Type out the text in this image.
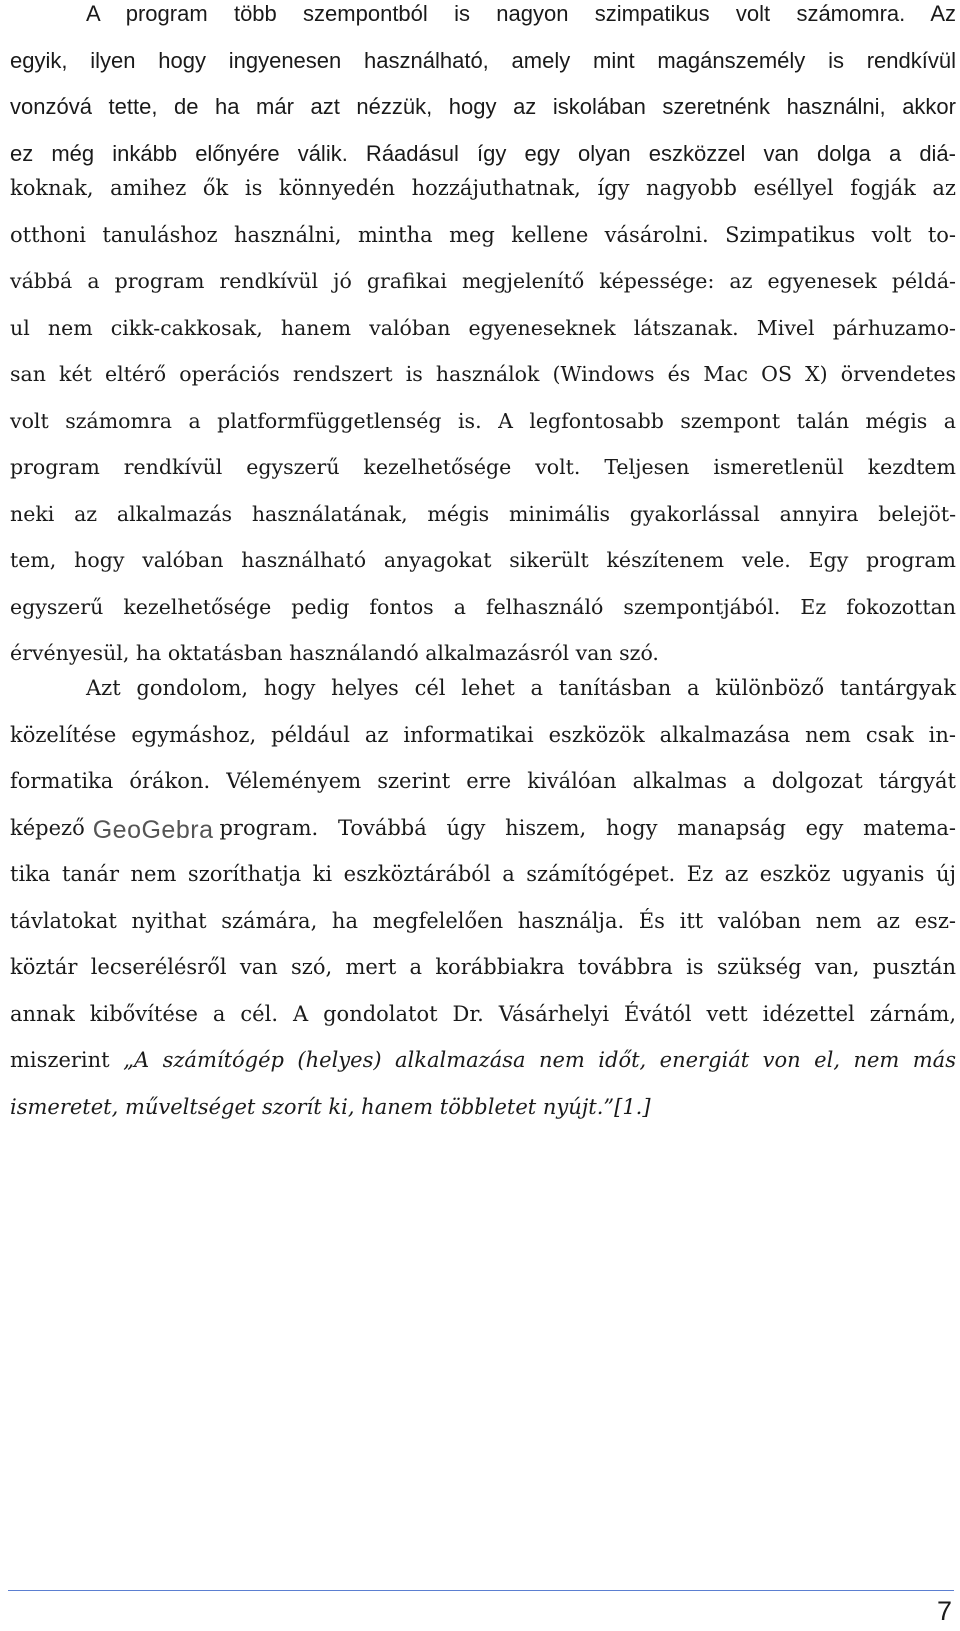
A program több szempontból is nagyon szimpatikus volt számomra. Az
egyik, ilyen hogy ingyenesen használható, amely mint magánszemély is rendkívül
vonzóvá tette, de ha már azt nézzük, hogy az iskolában szeretnénk használni, akkor
ez még inkább előnyére válik. Ráadásul így egy olyan eszközzel van dolga a diá-
koknak, amihez ők is könnyedén hozzájuthatnak, így nagyobb eséllyel fogják az
otthoni tanuláshoz használni, mintha meg kellene vásárolni. Szimpatikus volt to-
vábbá a program rendkívül jó grafikai megjelenítő képessége: az egyenesek példá-
ul nem cikk-cakkosak, hanem valóban egyeneseknek látszanak. Mivel párhuzamo-
san két eltérő operációs rendszert is használok (Windows és Mac OS X) örvendetes
volt számomra a platformfüggetlenség is. A legfontosabb szempont talán mégis a
program rendkívül egyszerű kezelhetősége volt. Teljesen ismeretlenül kezdtem
neki az alkalmazás használatának, mégis minimális gyakorlással annyira belejöt-
tem, hogy valóban használható anyagokat sikerült készítenem vele. Egy program
egyszerű kezelhetősége pedig fontos a felhasználó szempontjából. Ez fokozottan
érvényesül, ha oktatásban használandó alkalmazásról van szó.
Azt gondolom, hogy helyes cél lehet a tanításban a különböző tantárgyak
közelítése egymáshoz, például az informatikai eszközök alkalmazása nem csak in-
formatika órákon. Véleményem szerint erre kiválóan alkalmas a dolgozat tárgyát
képező GeoGebra program. Továbbá úgy hiszem, hogy manapság egy matema-
tika tanár nem szoríthatja ki eszköztárából a számítógépet. Ez az eszköz ugyanis új
távlatokat nyithat számára, ha megfelelően használja. És itt valóban nem az esz-
köztár lecserélésről van szó, mert a korábbiakra továbbra is szükség van, pusztán
annak kibővítése a cél. A gondolatot Dr. Vásárhelyi Évától vett idézettel zárnám,
miszerint „A számítógép (helyes) alkalmazása nem időt, energiát von el, nem más
ismeretet, műveltséget szorít ki, hanem többletet nyújt.”[1.]
7
